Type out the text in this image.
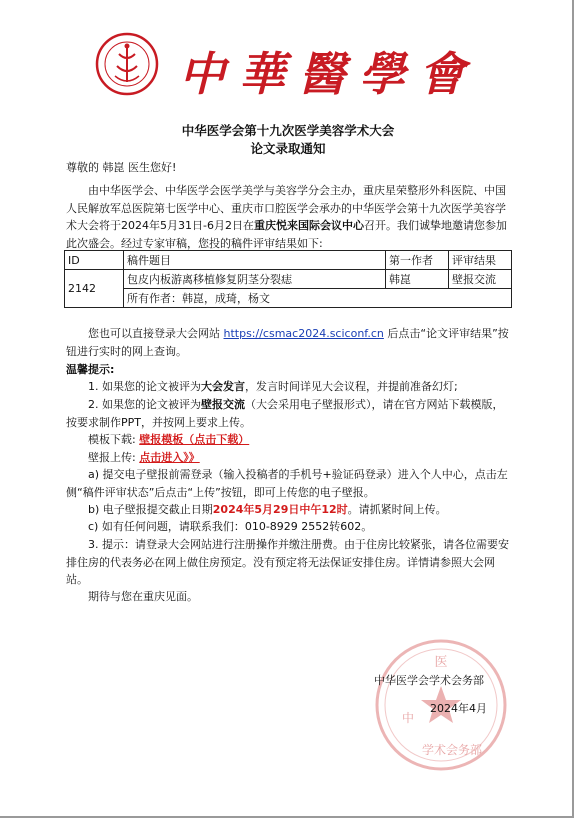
中華醫學會
中华医学会第十九次医学美容学术大会
论文录取通知
尊敬的 韩崑 医生您好!
由中华医学会、中华医学会医学美学与美容学分会主办，重庆星荣整形外科医院、中国人民解放军总医院第七医学中心、重庆市口腔医学会承办的中华医学会第十九次医学美容学术大会将于2024年5月31日-6月2日在重庆悦来国际会议中心召开。我们诚挚地邀请您参加此次盛会。经过专家审稿，您投的稿件评审结果如下:
ID	稿件题目	第一作者	评审结果
2142	包皮内板游离移植修复阴茎分裂痣	韩崑	壁报交流
	所有作者：韩崑，成琦，杨文		
您也可以直接登录大会网站 https://csmac2024.sciconf.cn 后点击“论文评审结果”按钮进行实时的网上查询。
温馨提示:
1. 如果您的论文被评为大会发言，发言时间详见大会议程，并提前准备幻灯;
2. 如果您的论文被评为壁报交流（大会采用电子壁报形式），请在官方网站下载模版，按要求制作PPT，并按网上要求上传。
模板下载: 壁报模板（点击下载）
壁报上传: 点击进入》》
a) 提交电子壁报前需登录（输入投稿者的手机号+验证码登录）进入个人中心，点击左侧“稿件评审状态”后点击“上传”按钮，即可上传您的电子壁报。
b) 电子壁报提交截止日期2024年5月29日中午12时。请抓紧时间上传。
c) 如有任何问题，请联系我们：010-8929 2552转602。
3. 提示：请登录大会网站进行注册操作并缴注册费。由于住房比较紧张，请各位需要安排住房的代表务必在网上做住房预定。没有预定将无法保证安排住房。详情请参照大会网站。
期待与您在重庆见面。
医
中
学术会务部
中华医学会学术会务部
2024年4月
